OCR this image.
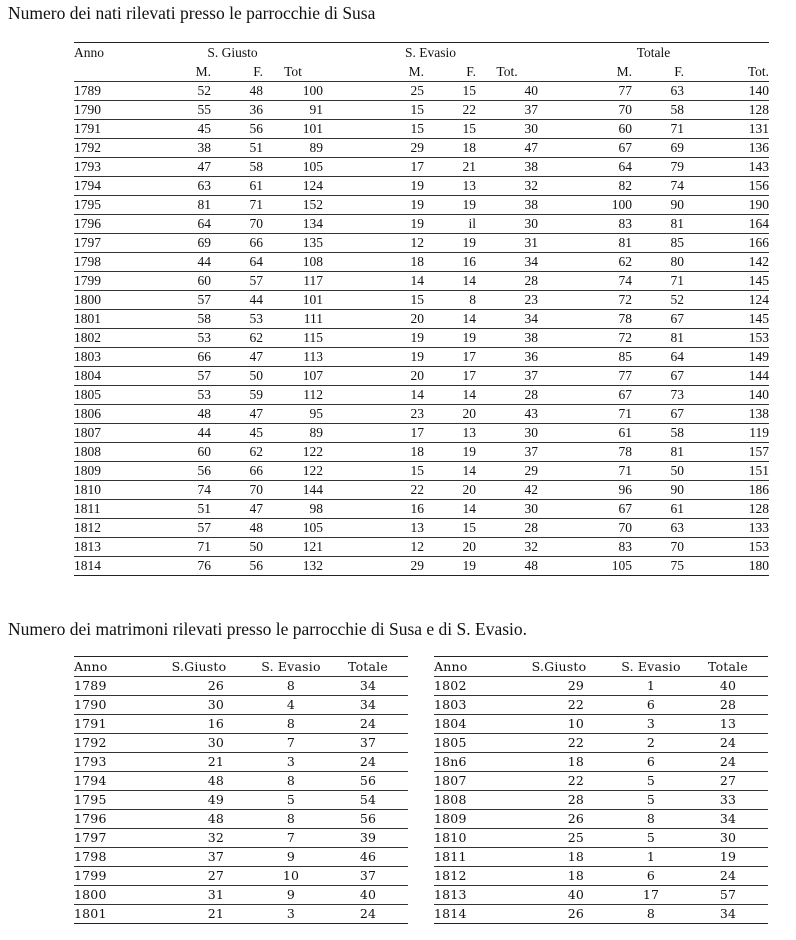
Numero dei nati rilevati presso le parrocchie di Susa
Anno	S. Giusto			S. Evasio			Totale		
	M.	F.	Tot	M.	F.	Tot.	M.	F.	Tot.
1789	52	48	100	25	15	40	77	63	140
1790	55	36	91	15	22	37	70	58	128
1791	45	56	101	15	15	30	60	71	131
1792	38	51	89	29	18	47	67	69	136
1793	47	58	105	17	21	38	64	79	143
1794	63	61	124	19	13	32	82	74	156
1795	81	71	152	19	19	38	100	90	190
1796	64	70	134	19	il	30	83	81	164
1797	69	66	135	12	19	31	81	85	166
1798	44	64	108	18	16	34	62	80	142
1799	60	57	117	14	14	28	74	71	145
1800	57	44	101	15	8	23	72	52	124
1801	58	53	111	20	14	34	78	67	145
1802	53	62	115	19	19	38	72	81	153
1803	66	47	113	19	17	36	85	64	149
1804	57	50	107	20	17	37	77	67	144
1805	53	59	112	14	14	28	67	73	140
1806	48	47	95	23	20	43	71	67	138
1807	44	45	89	17	13	30	61	58	119
1808	60	62	122	18	19	37	78	81	157
1809	56	66	122	15	14	29	71	50	151
1810	74	70	144	22	20	42	96	90	186
1811	51	47	98	16	14	30	67	61	128
1812	57	48	105	13	15	28	70	63	133
1813	71	50	121	12	20	32	83	70	153
1814	76	56	132	29	19	48	105	75	180
Numero dei matrimoni rilevati presso le parrocchie di Susa e di S. Evasio.
Anno	S.Giusto	S. Evasio	Totale
1789	26	8	34
1790	30	4	34
1791	16	8	24
1792	30	7	37
1793	21	3	24
1794	48	8	56
1795	49	5	54
1796	48	8	56
1797	32	7	39
1798	37	9	46
1799	27	10	37
1800	31	9	40
1801	21	3	24
Anno	S.Giusto	S. Evasio	Totale
1802	29	1	40
1803	22	6	28
1804	10	3	13
1805	22	2	24
18n6	18	6	24
1807	22	5	27
1808	28	5	33
1809	26	8	34
1810	25	5	30
1811	18	1	19
1812	18	6	24
1813	40	17	57
1814	26	8	34
